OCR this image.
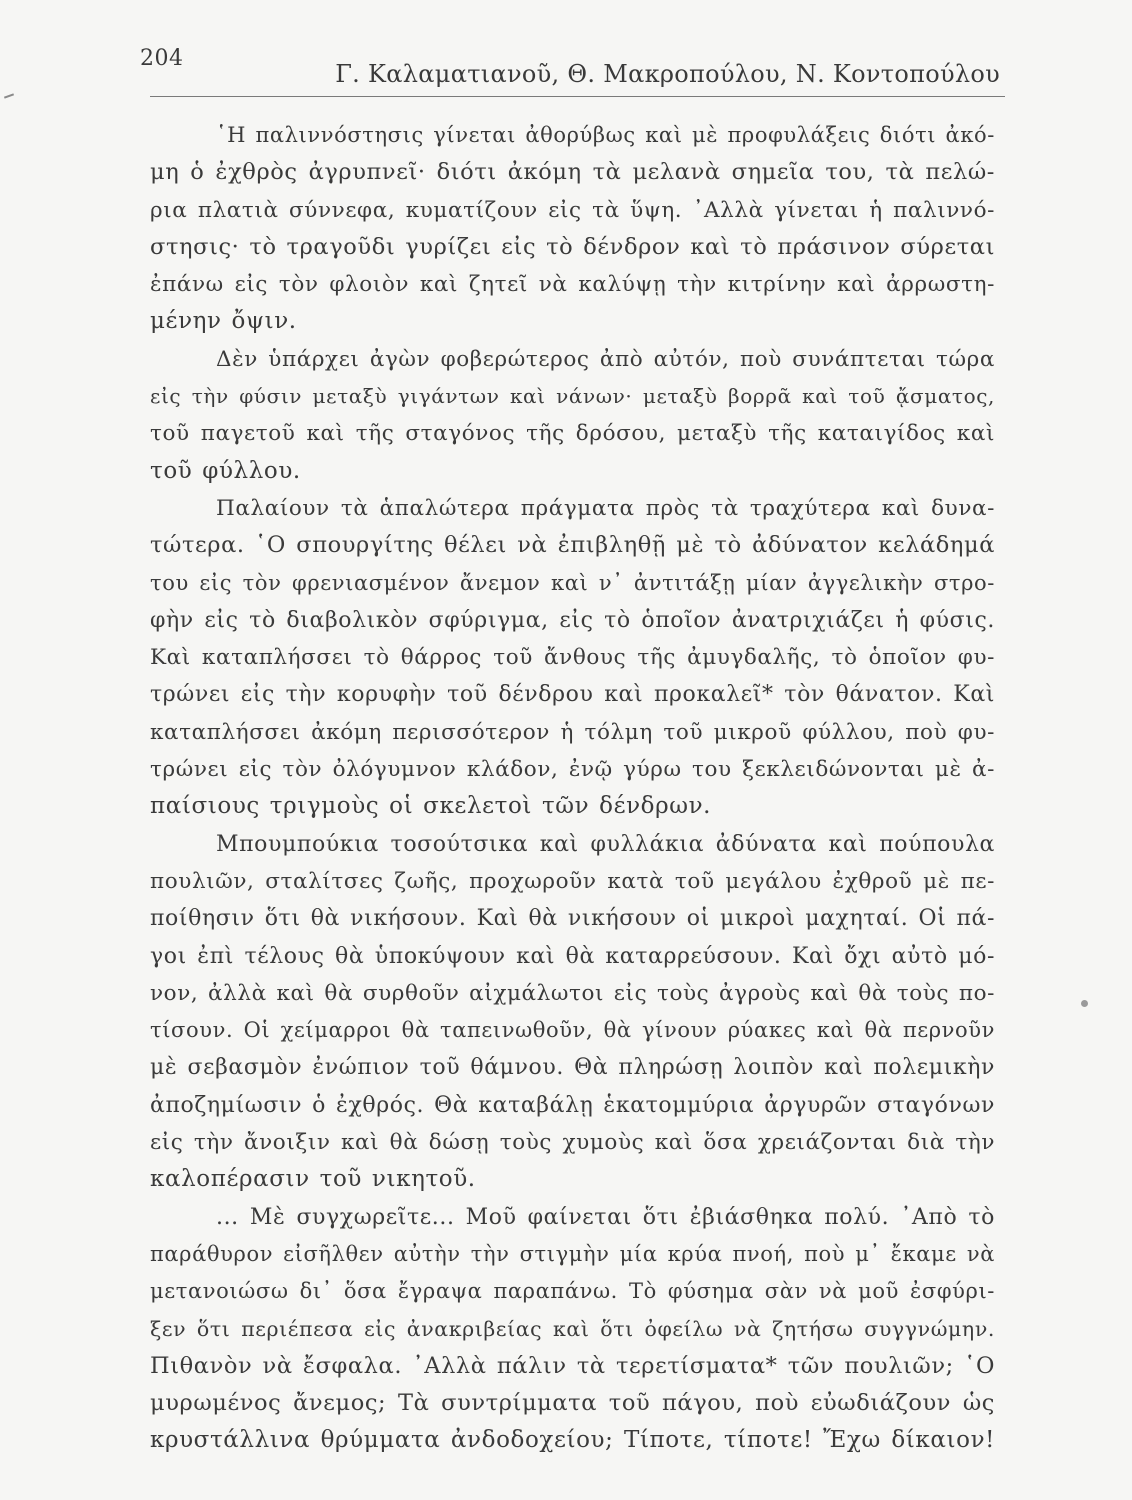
204
Γ. Καλαματιανοῦ, Θ. Μακροπούλου, Ν. Κοντοπούλου
῾Η παλιννόστησις γίνεται ἀθορύβως καὶ μὲ προφυλάξεις διότι ἀκό-
μη ὁ ἐχθρὸς ἀγρυπνεῖ· διότι ἀκόμη τὰ μελανὰ σημεῖα του, τὰ πελώ-
ρια πλατιὰ σύννεφα, κυματίζουν εἰς τὰ ὕψη. ᾿Αλλὰ γίνεται ἡ παλιννό-
στησις· τὸ τραγοῦδι γυρίζει εἰς τὸ δένδρον καὶ τὸ πράσινον σύρεται
ἐπάνω εἰς τὸν φλοιὸν καὶ ζητεῖ νὰ καλύψῃ τὴν κιτρίνην καὶ ἀρρωστη-
μένην ὄψιν.
Δὲν ὑπάρχει ἀγὼν φοβερώτερος ἀπὸ αὐτόν, ποὺ συνάπτεται τώρα
εἰς τὴν φύσιν μεταξὺ γιγάντων καὶ νάνων· μεταξὺ βορρᾶ καὶ τοῦ ᾄσματος,
τοῦ παγετοῦ καὶ τῆς σταγόνος τῆς δρόσου, μεταξὺ τῆς καταιγίδος καὶ
τοῦ φύλλου.
Παλαίουν τὰ ἁπαλώτερα πράγματα πρὸς τὰ τραχύτερα καὶ δυνα-
τώτερα. ῾Ο σπουργίτης θέλει νὰ ἐπιβληθῇ μὲ τὸ ἀδύνατον κελάδημά
του εἰς τὸν φρενιασμένον ἄνεμον καὶ ν᾿ ἀντιτάξῃ μίαν ἀγγελικὴν στρο-
φὴν εἰς τὸ διαβολικὸν σφύριγμα, εἰς τὸ ὁποῖον ἀνατριχιάζει ἡ φύσις.
Καὶ καταπλήσσει τὸ θάρρος τοῦ ἄνθους τῆς ἀμυγδαλῆς, τὸ ὁποῖον φυ-
τρώνει εἰς τὴν κορυφὴν τοῦ δένδρου καὶ προκαλεῖ* τὸν θάνατον. Καὶ
καταπλήσσει ἀκόμη περισσότερον ἡ τόλμη τοῦ μικροῦ φύλλου, ποὺ φυ-
τρώνει εἰς τὸν ὀλόγυμνον κλάδον, ἐνῷ γύρω του ξεκλειδώνονται μὲ ἀ-
παίσιους τριγμοὺς οἱ σκελετοὶ τῶν δένδρων.
Μπουμπούκια τοσούτσικα καὶ φυλλάκια ἀδύνατα καὶ πούπουλα
πουλιῶν, σταλίτσες ζωῆς, προχωροῦν κατὰ τοῦ μεγάλου ἐχθροῦ μὲ πε-
ποίθησιν ὅτι θὰ νικήσουν. Καὶ θὰ νικήσουν οἱ μικροὶ μαχηταί. Οἱ πά-
γοι ἐπὶ τέλους θὰ ὑποκύψουν καὶ θὰ καταρρεύσουν. Καὶ ὄχι αὐτὸ μό-
νον, ἀλλὰ καὶ θὰ συρθοῦν αἰχμάλωτοι εἰς τοὺς ἀγροὺς καὶ θὰ τοὺς πο-
τίσουν. Οἱ χείμαρροι θὰ ταπεινωθοῦν, θὰ γίνουν ρύακες καὶ θὰ περνοῦν
μὲ σεβασμὸν ἐνώπιον τοῦ θάμνου. Θὰ πληρώσῃ λοιπὸν καὶ πολεμικὴν
ἀποζημίωσιν ὁ ἐχθρός. Θὰ καταβάλῃ ἑκατομμύρια ἀργυρῶν σταγόνων
εἰς τὴν ἄνοιξιν καὶ θὰ δώσῃ τοὺς χυμοὺς καὶ ὅσα χρειάζονται διὰ τὴν
καλοπέρασιν τοῦ νικητοῦ.
... Μὲ συγχωρεῖτε... Μοῦ φαίνεται ὅτι ἐβιάσθηκα πολύ. ᾿Απὸ τὸ
παράθυρον εἰσῆλθεν αὐτὴν τὴν στιγμὴν μία κρύα πνοή, ποὺ μ᾿ ἔκαμε νὰ
μετανοιώσω δι᾿ ὅσα ἔγραψα παραπάνω. Τὸ φύσημα σὰν νὰ μοῦ ἐσφύρι-
ξεν ὅτι περιέπεσα εἰς ἀνακριβείας καὶ ὅτι ὀφείλω νὰ ζητήσω συγγνώμην.
Πιθανὸν νὰ ἔσφαλα. ᾿Αλλὰ πάλιν τὰ τερετίσματα* τῶν πουλιῶν; ῾Ο
μυρωμένος ἄνεμος; Τὰ συντρίμματα τοῦ πάγου, ποὺ εὐωδιάζουν ὡς
κρυστάλλινα θρύμματα ἀνδοδοχείου; Τίποτε, τίποτε! Ἔχω δίκαιον!
